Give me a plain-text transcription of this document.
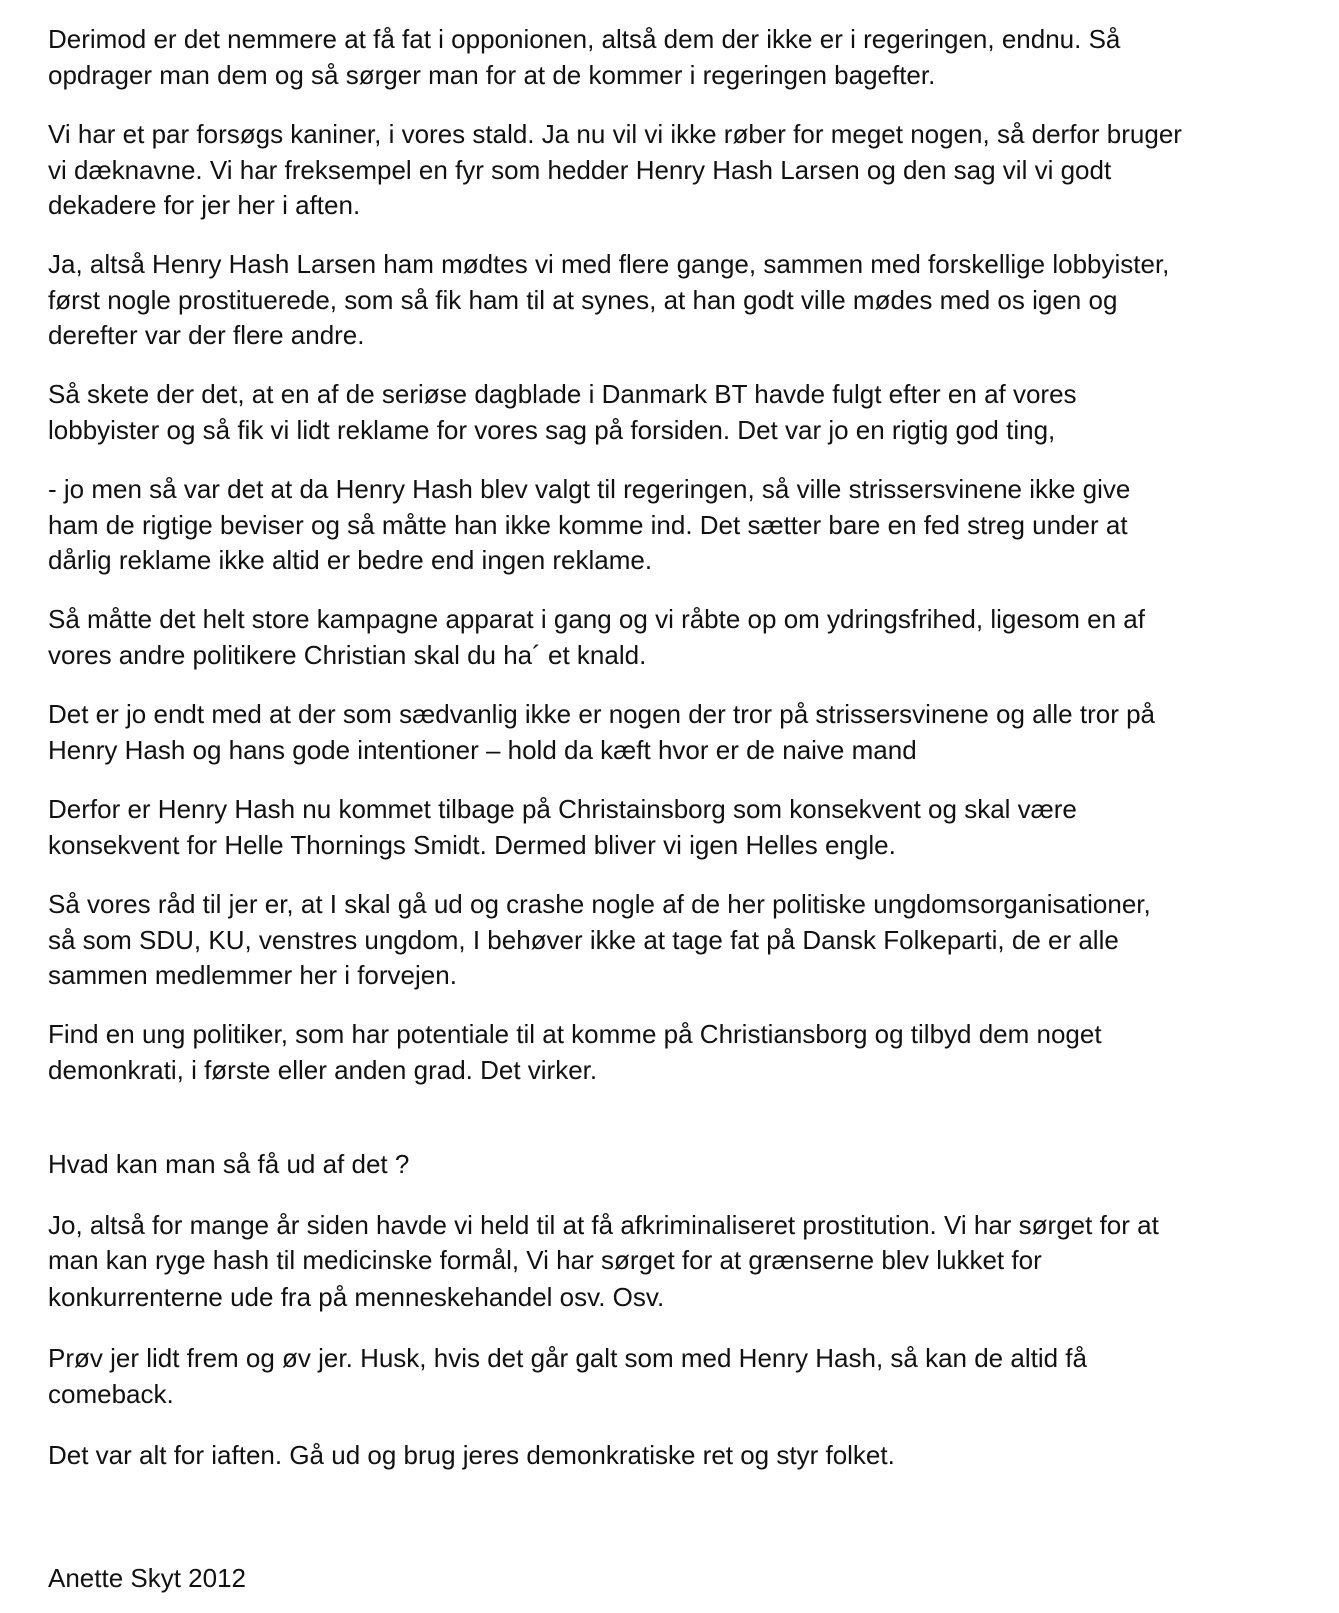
Derimod er det nemmere at få fat i opponionen, altså dem der ikke er i regeringen, endnu. Så
opdrager man dem og så sørger man for at de kommer i regeringen bagefter.
Vi har et par forsøgs kaniner, i vores stald. Ja nu vil vi ikke røber for meget nogen, så derfor bruger
vi dæknavne. Vi har freksempel en fyr som hedder Henry Hash Larsen og den sag vil vi godt
dekadere for jer her i aften.
Ja, altså Henry Hash Larsen ham mødtes vi med flere gange, sammen med forskellige lobbyister,
først nogle prostituerede, som så fik ham til at synes, at han godt ville mødes med os igen og
derefter var der flere andre.
Så skete der det, at en af de seriøse dagblade i Danmark BT havde fulgt efter en af vores
lobbyister og så fik vi lidt reklame for vores sag på forsiden. Det var jo en rigtig god ting,
- jo men så var det at da Henry Hash blev valgt til regeringen, så ville strissersvinene ikke give
ham de rigtige beviser og så måtte han ikke komme ind. Det sætter bare en fed streg under at
dårlig reklame ikke altid er bedre end ingen reklame.
Så måtte det helt store kampagne apparat i gang og vi råbte op om ydringsfrihed, ligesom en af
vores andre politikere Christian skal du ha´ et knald.
Det er jo endt med at der som sædvanlig ikke er nogen der tror på strissersvinene og alle tror på
Henry Hash og hans gode intentioner – hold da kæft hvor er de naive mand
Derfor er Henry Hash nu kommet tilbage på Christainsborg som konsekvent og skal være
konsekvent for Helle Thornings Smidt. Dermed bliver vi igen Helles engle.
Så vores råd til jer er, at I skal gå ud og crashe nogle af de her politiske ungdomsorganisationer,
så som SDU, KU, venstres ungdom, I behøver ikke at tage fat på Dansk Folkeparti, de er alle
sammen medlemmer her i forvejen.
Find en ung politiker, som har potentiale til at komme på Christiansborg og tilbyd dem noget
demonkrati, i første eller anden grad. Det virker.
Hvad kan man så få ud af det ?
Jo, altså for mange år siden havde vi held til at få afkriminaliseret prostitution. Vi har sørget for at
man kan ryge hash til medicinske formål, Vi har sørget for at grænserne blev lukket for
konkurrenterne ude fra på menneskehandel osv. Osv.
Prøv jer lidt frem og øv jer. Husk, hvis det går galt som med Henry Hash, så kan de altid få
comeback.
Det var alt for iaften. Gå ud og brug jeres demonkratiske ret og styr folket.
Anette Skyt 2012
